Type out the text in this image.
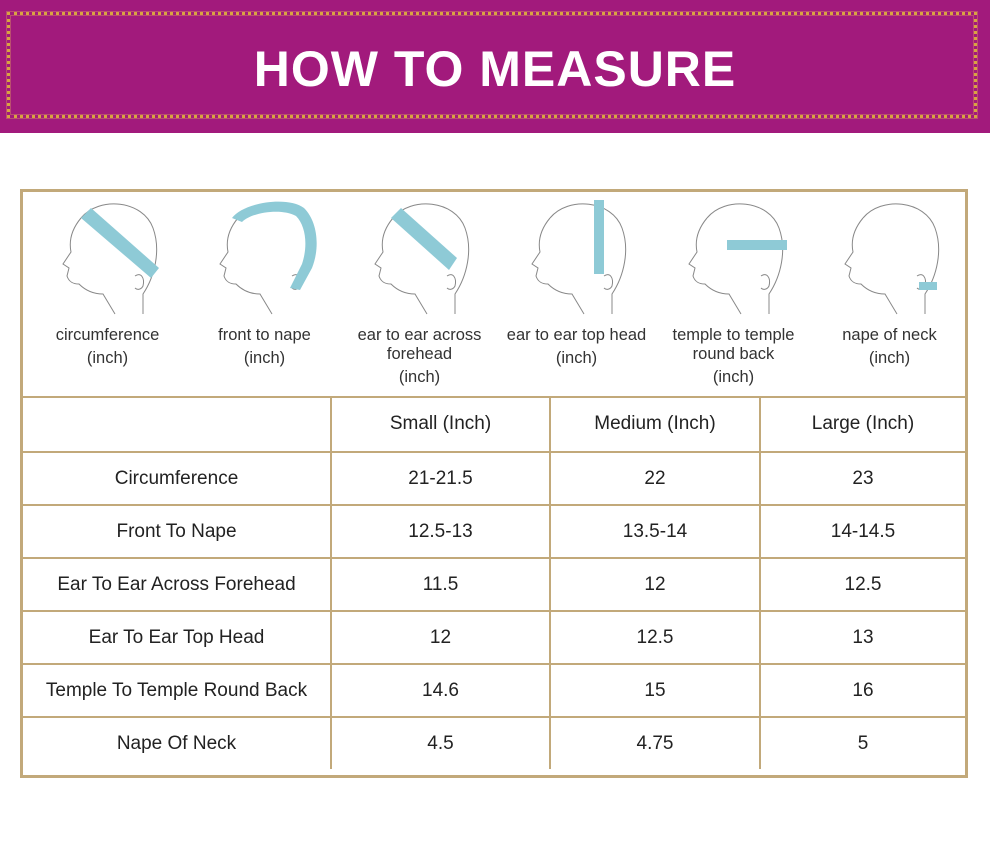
HOW TO MEASURE
circumference
(inch)
front to nape
(inch)
ear to ear across forehead
(inch)
ear to ear top head
(inch)
temple to temple round back
(inch)
nape of neck
(inch)
	Small (Inch)	Medium (Inch)	Large (Inch)
Circumference	21-21.5	22	23
Front To Nape	12.5-13	13.5-14	14-14.5
Ear To Ear Across Forehead	11.5	12	12.5
Ear To Ear Top Head	12	12.5	13
Temple To Temple Round Back	14.6	15	16
Nape Of Neck	4.5	4.75	5
